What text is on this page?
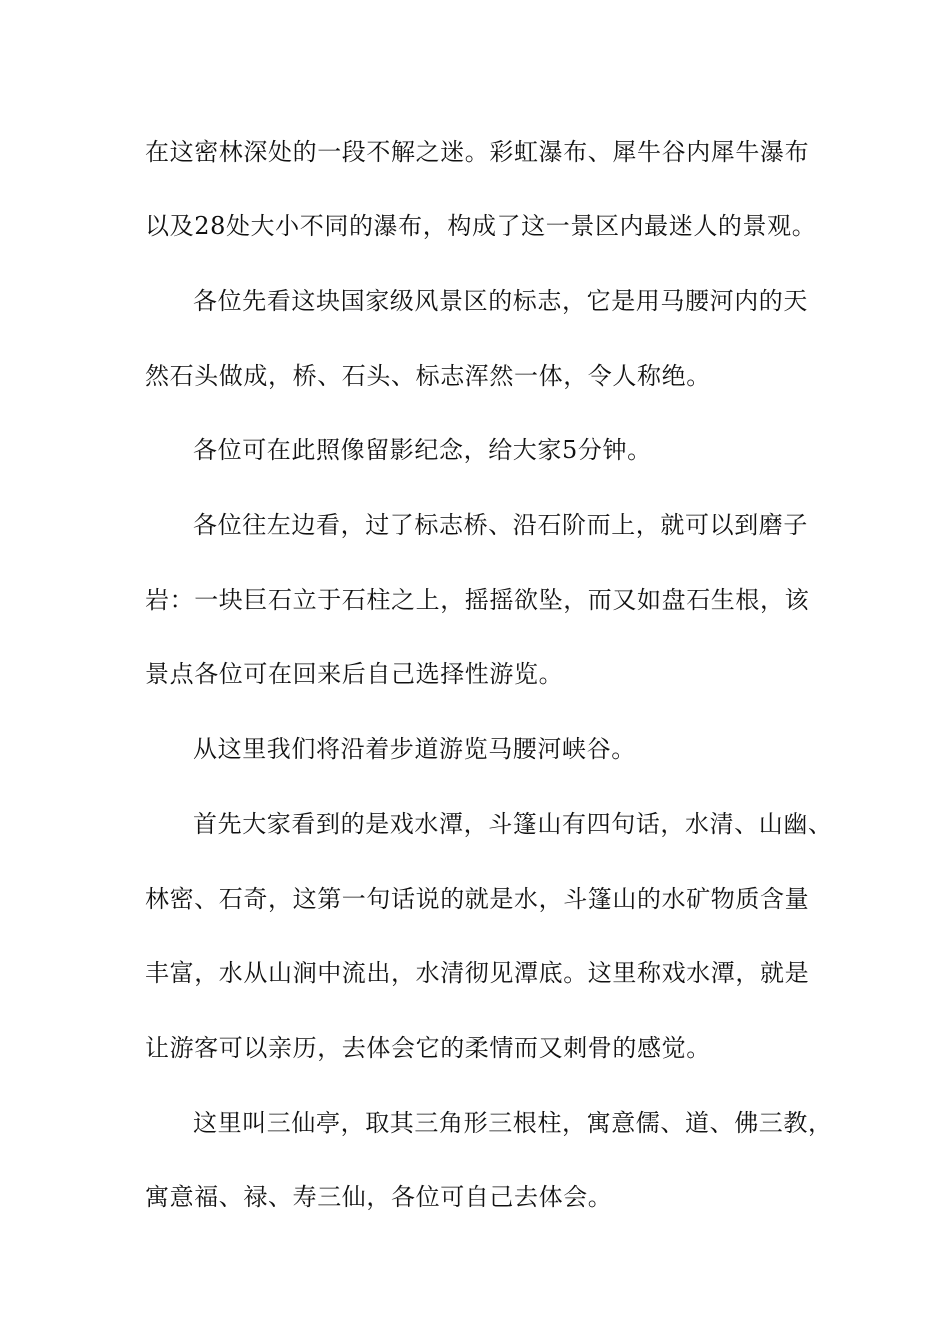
在这密林深处的一段不解之迷。彩虹瀑布、犀牛谷内犀牛瀑布
以及28处大小不同的瀑布，构成了这一景区内最迷人的景观。
各位先看这块国家级风景区的标志，它是用马腰河内的天
然石头做成，桥、石头、标志浑然一体，令人称绝。
各位可在此照像留影纪念，给大家5分钟。
各位往左边看，过了标志桥、沿石阶而上，就可以到磨子
岩：一块巨石立于石柱之上，摇摇欲坠，而又如盘石生根，该
景点各位可在回来后自己选择性游览。
从这里我们将沿着步道游览马腰河峡谷。
首先大家看到的是戏水潭，斗篷山有四句话，水清、山幽、
林密、石奇，这第一句话说的就是水，斗篷山的水矿物质含量
丰富，水从山涧中流出，水清彻见潭底。这里称戏水潭，就是
让游客可以亲历，去体会它的柔情而又刺骨的感觉。
这里叫三仙亭，取其三角形三根柱，寓意儒、道、佛三教，
寓意福、禄、寿三仙，各位可自己去体会。
